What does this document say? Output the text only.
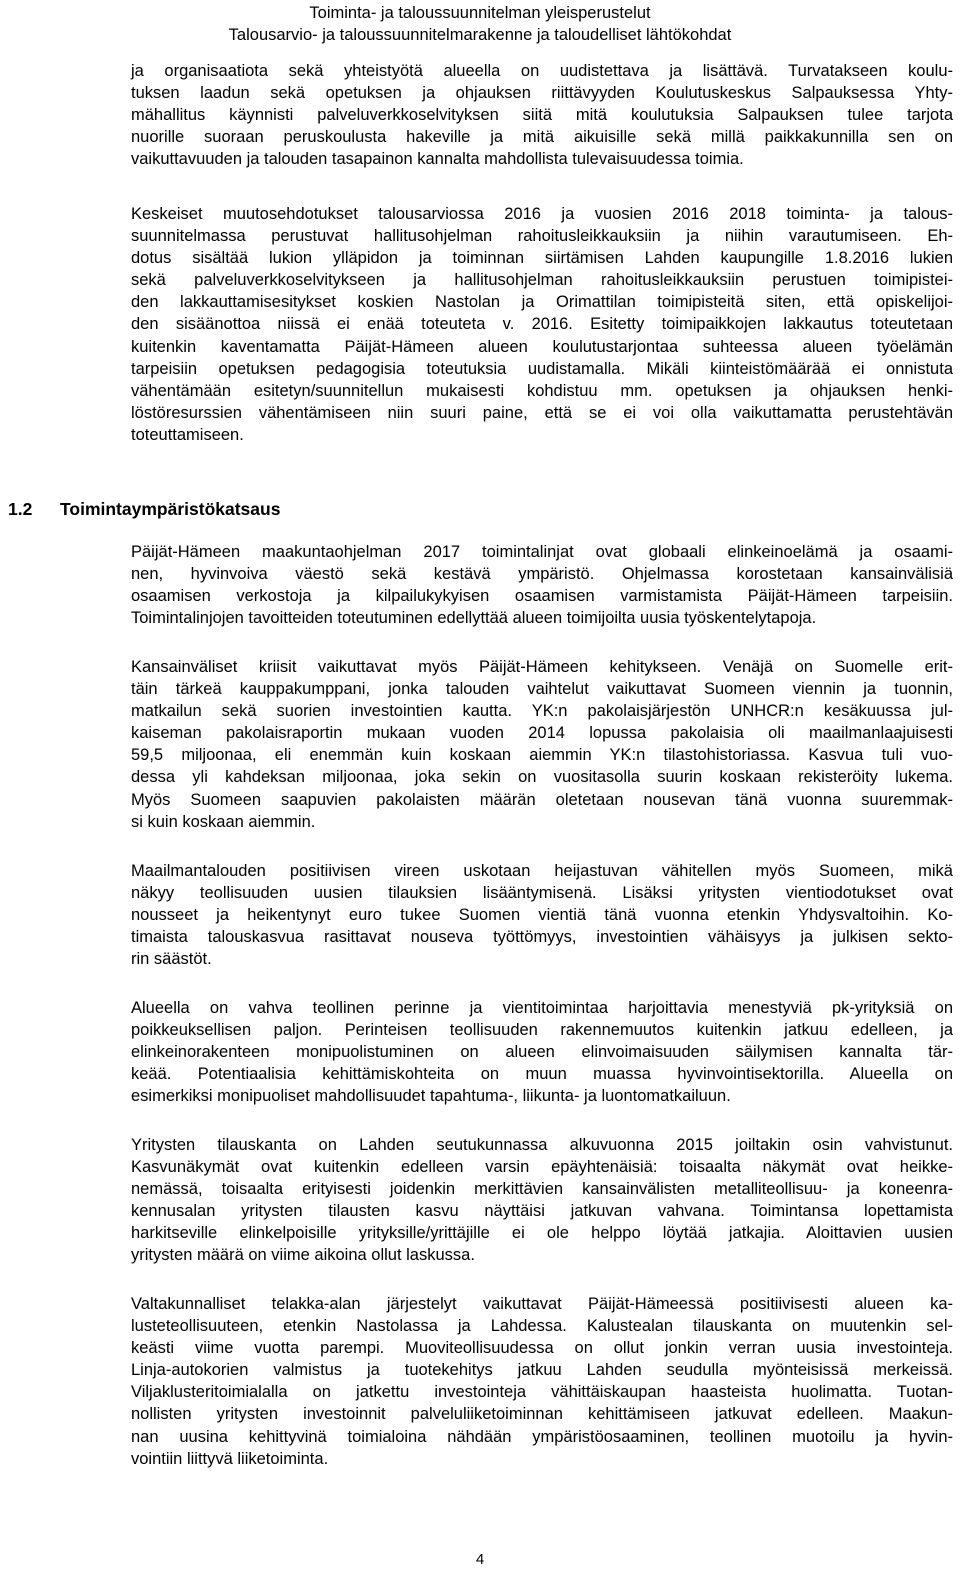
Toiminta- ja taloussuunnitelman yleisperustelut
Talousarvio- ja taloussuunnitelmarakenne ja taloudelliset lähtökohdat
ja organisaatiota sekä yhteistyötä alueella on uudistettava ja lisättävä. Turvatakseen koulu-
tuksen laadun sekä opetuksen ja ohjauksen riittävyyden Koulutuskeskus Salpauksessa Yhty-
mähallitus käynnisti palveluverkkoselvityksen siitä mitä koulutuksia Salpauksen tulee tarjota
nuorille suoraan peruskoulusta hakeville ja mitä aikuisille sekä millä paikkakunnilla sen on
vaikuttavuuden ja talouden tasapainon kannalta mahdollista tulevaisuudessa toimia.
Keskeiset muutosehdotukset talousarviossa 2016 ja vuosien 2016 2018 toiminta- ja talous-
suunnitelmassa perustuvat hallitusohjelman rahoitusleikkauksiin ja niihin varautumiseen. Eh-
dotus sisältää lukion ylläpidon ja toiminnan siirtämisen Lahden kaupungille 1.8.2016 lukien
sekä palveluverkkoselvitykseen ja hallitusohjelman rahoitusleikkauksiin perustuen toimipistei-
den lakkauttamisesitykset koskien Nastolan ja Orimattilan toimipisteitä siten, että opiskelijoi-
den sisäänottoa niissä ei enää toteuteta v. 2016. Esitetty toimipaikkojen lakkautus toteutetaan
kuitenkin kaventamatta Päijät-Hämeen alueen koulutustarjontaa suhteessa alueen työelämän
tarpeisiin opetuksen pedagogisia toteutuksia uudistamalla. Mikäli kiinteistömäärää ei onnistuta
vähentämään esitetyn/suunnitellun mukaisesti kohdistuu mm. opetuksen ja ohjauksen henki-
löstöresurssien vähentämiseen niin suuri paine, että se ei voi olla vaikuttamatta perustehtävän
toteuttamiseen.
1.2 Toimintaympäristökatsaus
Päijät-Hämeen maakuntaohjelman 2017 toimintalinjat ovat globaali elinkeinoelämä ja osaami-
nen, hyvinvoiva väestö sekä kestävä ympäristö. Ohjelmassa korostetaan kansainvälisiä
osaamisen verkostoja ja kilpailukykyisen osaamisen varmistamista Päijät-Hämeen tarpeisiin.
Toimintalinjojen tavoitteiden toteutuminen edellyttää alueen toimijoilta uusia työskentelytapoja.
Kansainväliset kriisit vaikuttavat myös Päijät-Hämeen kehitykseen. Venäjä on Suomelle erit-
täin tärkeä kauppakumppani, jonka talouden vaihtelut vaikuttavat Suomeen viennin ja tuonnin,
matkailun sekä suorien investointien kautta. YK:n pakolaisjärjestön UNHCR:n kesäkuussa jul-
kaiseman pakolaisraportin mukaan vuoden 2014 lopussa pakolaisia oli maailmanlaajuisesti
59,5 miljoonaa, eli enemmän kuin koskaan aiemmin YK:n tilastohistoriassa. Kasvua tuli vuo-
dessa yli kahdeksan miljoonaa, joka sekin on vuositasolla suurin koskaan rekisteröity lukema.
Myös Suomeen saapuvien pakolaisten määrän oletetaan nousevan tänä vuonna suuremmak-
si kuin koskaan aiemmin.
Maailmantalouden positiivisen vireen uskotaan heijastuvan vähitellen myös Suomeen, mikä
näkyy teollisuuden uusien tilauksien lisääntymisenä. Lisäksi yritysten vientiodotukset ovat
nousseet ja heikentynyt euro tukee Suomen vientiä tänä vuonna etenkin Yhdysvaltoihin. Ko-
timaista talouskasvua rasittavat nouseva työttömyys, investointien vähäisyys ja julkisen sekto-
rin säästöt.
Alueella on vahva teollinen perinne ja vientitoimintaa harjoittavia menestyviä pk-yrityksiä on
poikkeuksellisen paljon. Perinteisen teollisuuden rakennemuutos kuitenkin jatkuu edelleen, ja
elinkeinorakenteen monipuolistuminen on alueen elinvoimaisuuden säilymisen kannalta tär-
keää. Potentiaalisia kehittämiskohteita on muun muassa hyvinvointisektorilla. Alueella on
esimerkiksi monipuoliset mahdollisuudet tapahtuma-, liikunta- ja luontomatkailuun.
Yritysten tilauskanta on Lahden seutukunnassa alkuvuonna 2015 joiltakin osin vahvistunut.
Kasvunäkymät ovat kuitenkin edelleen varsin epäyhtenäisiä: toisaalta näkymät ovat heikke-
nemässä, toisaalta erityisesti joidenkin merkittävien kansainvälisten metalliteollisuu- ja koneenra-
kennusalan yritysten tilausten kasvu näyttäisi jatkuvan vahvana. Toimintansa lopettamista
harkitseville elinkelpoisille yrityksille/yrittäjille ei ole helppo löytää jatkajia. Aloittavien uusien
yritysten määrä on viime aikoina ollut laskussa.
Valtakunnalliset telakka-alan järjestelyt vaikuttavat Päijät-Hämeessä positiivisesti alueen ka-
lusteteollisuuteen, etenkin Nastolassa ja Lahdessa. Kalustealan tilauskanta on muutenkin sel-
keästi viime vuotta parempi. Muoviteollisuudessa on ollut jonkin verran uusia investointeja.
Linja-autokorien valmistus ja tuotekehitys jatkuu Lahden seudulla myönteisissä merkeissä.
Viljaklusteritoimialalla on jatkettu investointeja vähittäiskaupan haasteista huolimatta. Tuotan-
nollisten yritysten investoinnit palveluliiketoiminnan kehittämiseen jatkuvat edelleen. Maakun-
nan uusina kehittyvinä toimialoina nähdään ympäristöosaaminen, teollinen muotoilu ja hyvin-
vointiin liittyvä liiketoiminta.
4
